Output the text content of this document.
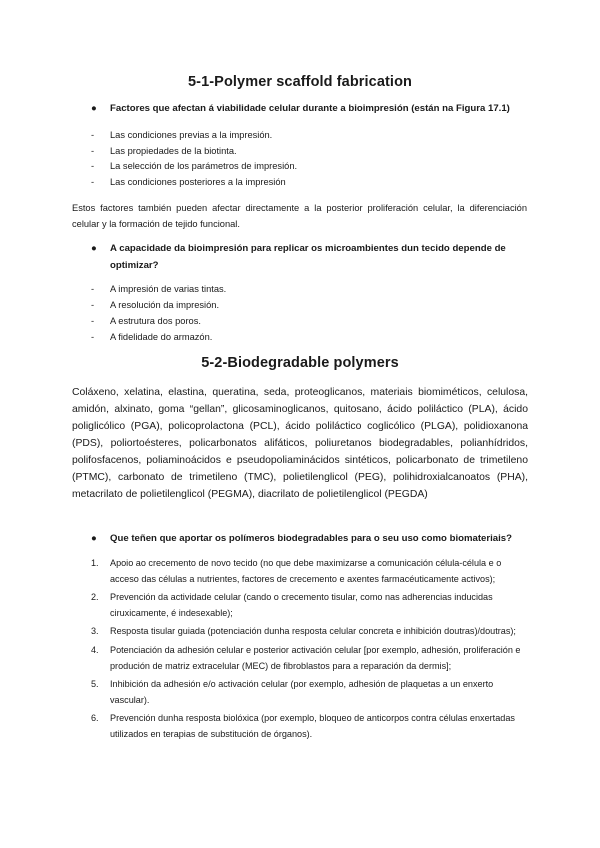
5-1-Polymer scaffold fabrication
●	Factores que afectan á viabilidade celular durante a bioimpresión (están na Figura 17.1)
- Las condiciones previas a la impresión.
- Las propiedades de la biotinta.
- La selección de los parámetros de impresión.
- Las condiciones posteriores a la impresión
Estos factores también pueden afectar directamente a la posterior proliferación celular, la diferenciación celular y la formación de tejido funcional.
●	A capacidade da bioimpresión para replicar os microambientes dun tecido depende de optimizar?
- A impresión de varias tintas.
- A resolución da impresión.
- A estrutura dos poros.
- A fidelidade do armazón.
5-2-Biodegradable polymers
Coláxeno, xelatina, elastina, queratina, seda, proteoglicanos, materiais biomiméticos, celulosa, amidón, alxinato, goma “gellan”, glicosaminoglicanos, quitosano, ácido poliláctico (PLA), ácido poliglicólico (PGA), policoprolactona (PCL), ácido poliláctico coglicólico (PLGA), polidioxanona (PDS), poliortoésteres, policarbonatos alifáticos, poliuretanos biodegradables, polianhídridos, polifosfacenos, poliaminoácidos e pseudopoliaminácidos sintéticos, policarbonato de trimetileno (PTMC), carbonato de trimetileno (TMC), polietilenglicol (PEG), polihidroxialcanoatos (PHA), metacrilato de polietilenglicol (PEGMA), diacrilato de polietilenglicol (PEGDA)
●	Que teñen que aportar os polímeros biodegradables para o seu uso como biomateriais?
1. Apoio ao crecemento de novo tecido (no que debe maximizarse a comunicación célula-célula e o acceso das células a nutrientes, factores de crecemento e axentes farmacéuticamente activos);
2. Prevención da actividade celular (cando o crecemento tisular, como nas adherencias inducidas ciruxicamente, é indesexable);
3. Resposta tisular guiada (potenciación dunha resposta celular concreta e inhibición doutras)/doutras);
4. Potenciación da adhesión celular e posterior activación celular [por exemplo, adhesión, proliferación e produción de matriz extracelular (MEC) de fibroblastos para a reparación da dermis];
5. Inhibición da adhesión e/o activación celular (por exemplo, adhesión de plaquetas a un enxerto vascular).
6. Prevención dunha resposta biolóxica (por exemplo, bloqueo de anticorpos contra células enxertadas utilizados en terapias de substitución de órganos).
